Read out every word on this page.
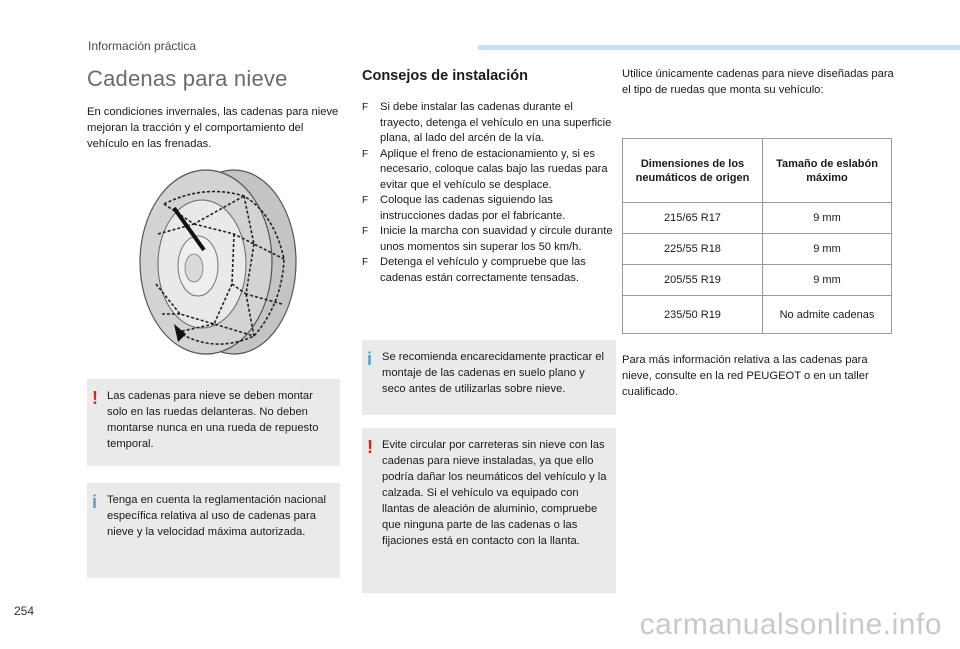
Información práctica
Cadenas para nieve

En condiciones invernales, las cadenas para nieve mejoran la tracción y el comportamiento del vehículo en las frenadas.

! Las cadenas para nieve se deben montar solo en las ruedas delanteras. No deben montarse nunca en una rueda de repuesto temporal.
i Tenga en cuenta la reglamentación nacional específica relativa al uso de cadenas para nieve y la velocidad máxima autorizada.
Consejos de instalación
F Si debe instalar las cadenas durante el trayecto, detenga el vehículo en una superficie plana, al lado del arcén de la vía.
F Aplique el freno de estacionamiento y, si es necesario, coloque calas bajo las ruedas para evitar que el vehículo se desplace.
F Coloque las cadenas siguiendo las instrucciones dadas por el fabricante.
F Inicie la marcha con suavidad y circule durante unos momentos sin superar los 50 km/h.
F Detenga el vehículo y compruebe que las cadenas están correctamente tensadas.
i Se recomienda encarecidamente practicar el montaje de las cadenas en suelo plano y seco antes de utilizarlas sobre nieve.
! Evite circular por carreteras sin nieve con las cadenas para nieve instaladas, ya que ello podría dañar los neumáticos del vehículo y la calzada. Si el vehículo va equipado con llantas de aleación de aluminio, compruebe que ninguna parte de las cadenas o las fijaciones está en contacto con la llanta.

Utilice únicamente cadenas para nieve diseñadas para el tipo de ruedas que monta su vehículo:

Dimensiones de los neumáticos de origen	Tamaño de eslabón máximo
215/65 R17	9 mm
225/55 R18	9 mm
205/55 R19	9 mm
235/50 R19	No admite cadenas

Para más información relativa a las cadenas para nieve, consulte en la red PEUGEOT o en un taller cualificado.

254	carmanualsonline.info
